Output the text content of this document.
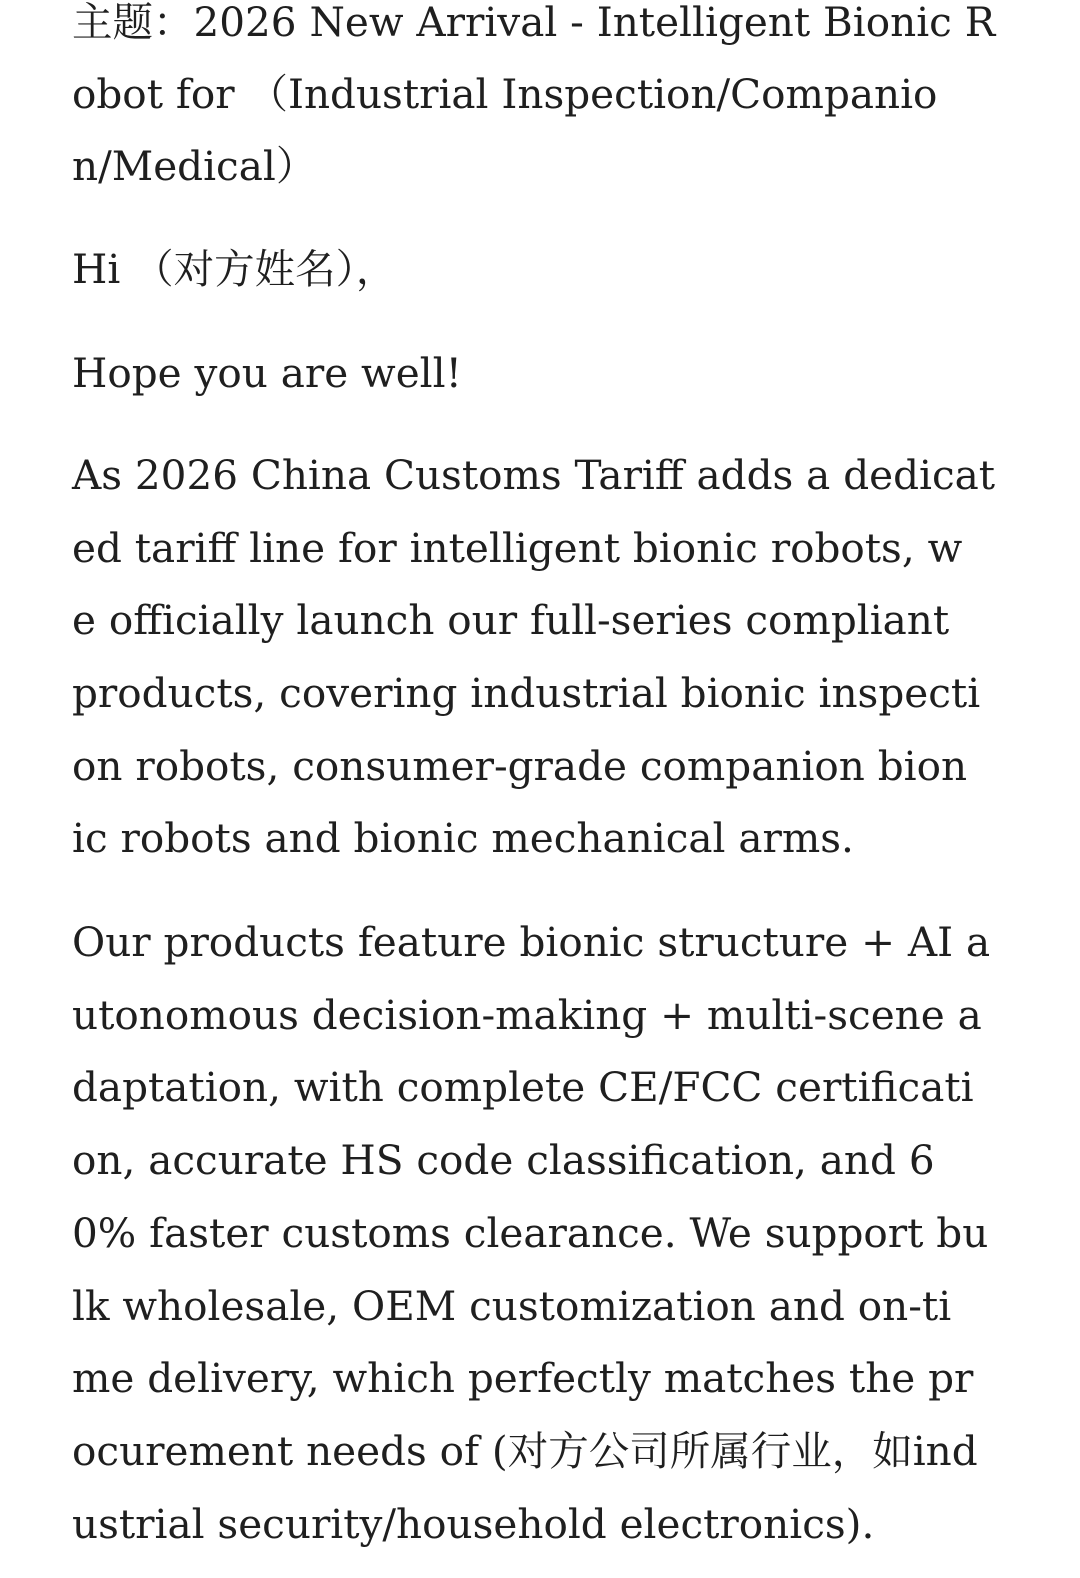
主题：2026 New Arrival - Intelligent Bionic R
obot for （Industrial Inspection/Companio
n/Medical）
Hi （对方姓名），
Hope you are well!
As 2026 China Customs Tariff adds a dedicat
ed tariff line for intelligent bionic robots, w
e officially launch our full-series compliant
products, covering industrial bionic inspecti
on robots, consumer-grade companion bion
ic robots and bionic mechanical arms.
Our products feature bionic structure + AI a
utonomous decision-making + multi-scene a
daptation, with complete CE/FCC certificati
on, accurate HS code classification, and 6
0% faster customs clearance. We support bu
lk wholesale, OEM customization and on-ti
me delivery, which perfectly matches the pr
ocurement needs of (对方公司所属行业，如ind
ustrial security/household electronics).
